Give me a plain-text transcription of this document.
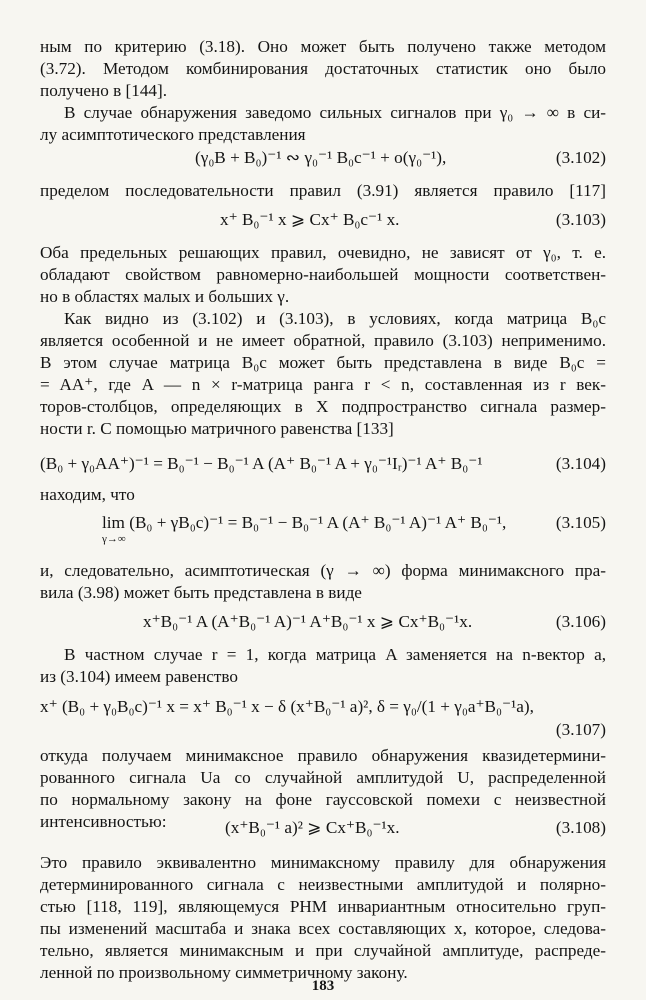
ным по критерию (3.18). Оно может быть получено также методом
(3.72). Методом комбинирования достаточных статистик оно было
получено в [144].
В случае обнаружения заведомо сильных сигналов при γ₀ → ∞ в си-
лу асимптотического представления
(γ₀B + B₀)⁻¹ ∾ γ₀⁻¹ B₀c⁻¹ + o(γ₀⁻¹),	(3.102)
пределом последовательности правил (3.91) является правило [117]
x⁺ B₀⁻¹ x ⩾ Cx⁺ B₀c⁻¹ x.	(3.103)
Оба предельных решающих правил, очевидно, не зависят от γ₀, т. е.
обладают свойством равномерно-наибольшей мощности соответствен-
но в областях малых и больших γ.
Как видно из (3.102) и (3.103), в условиях, когда матрица B₀c
является особенной и не имеет обратной, правило (3.103) неприменимо.
В этом случае матрица B₀c может быть представлена в виде B₀c =
= AA⁺, где A — n × r-матрица ранга r < n, составленная из r век-
торов-столбцов, определяющих в X подпространство сигнала размер-
ности r. С помощью матричного равенства [133]
(B₀ + γ₀AA⁺)⁻¹ = B₀⁻¹ − B₀⁻¹ A (A⁺ B₀⁻¹ A + γ₀⁻¹Iᵣ)⁻¹ A⁺ B₀⁻¹	(3.104)
находим, что
lim (B₀ + γB₀c)⁻¹ = B₀⁻¹ − B₀⁻¹ A (A⁺ B₀⁻¹ A)⁻¹ A⁺ B₀⁻¹,	(3.105)
γ→∞
и, следовательно, асимптотическая (γ → ∞) форма минимаксного пра-
вила (3.98) может быть представлена в виде
x⁺B₀⁻¹ A (A⁺B₀⁻¹ A)⁻¹ A⁺B₀⁻¹ x ⩾ Cx⁺B₀⁻¹x.	(3.106)
В частном случае r = 1, когда матрица A заменяется на n-вектор a,
из (3.104) имеем равенство
x⁺ (B₀ + γ₀B₀c)⁻¹ x = x⁺ B₀⁻¹ x − δ (x⁺B₀⁻¹ a)², δ = γ₀/(1 + γ₀a⁺B₀⁻¹a),
(3.107)
откуда получаем минимаксное правило обнаружения квазидетермини-
рованного сигнала Ua со случайной амплитудой U, распределенной
по нормальному закону на фоне гауссовской помехи с неизвестной
интенсивностью:	(x⁺B₀⁻¹ a)² ⩾ Cx⁺B₀⁻¹x.	(3.108)
Это правило эквивалентно минимаксному правилу для обнаружения
детерминированного сигнала с неизвестными амплитудой и полярно-
стью [118, 119], являющемуся РНМ инвариантным относительно груп-
пы изменений масштаба и знака всех составляющих x, которое, следова-
тельно, является минимаксным и при случайной амплитуде, распреде-
ленной по произвольному симметричному закону.
183
